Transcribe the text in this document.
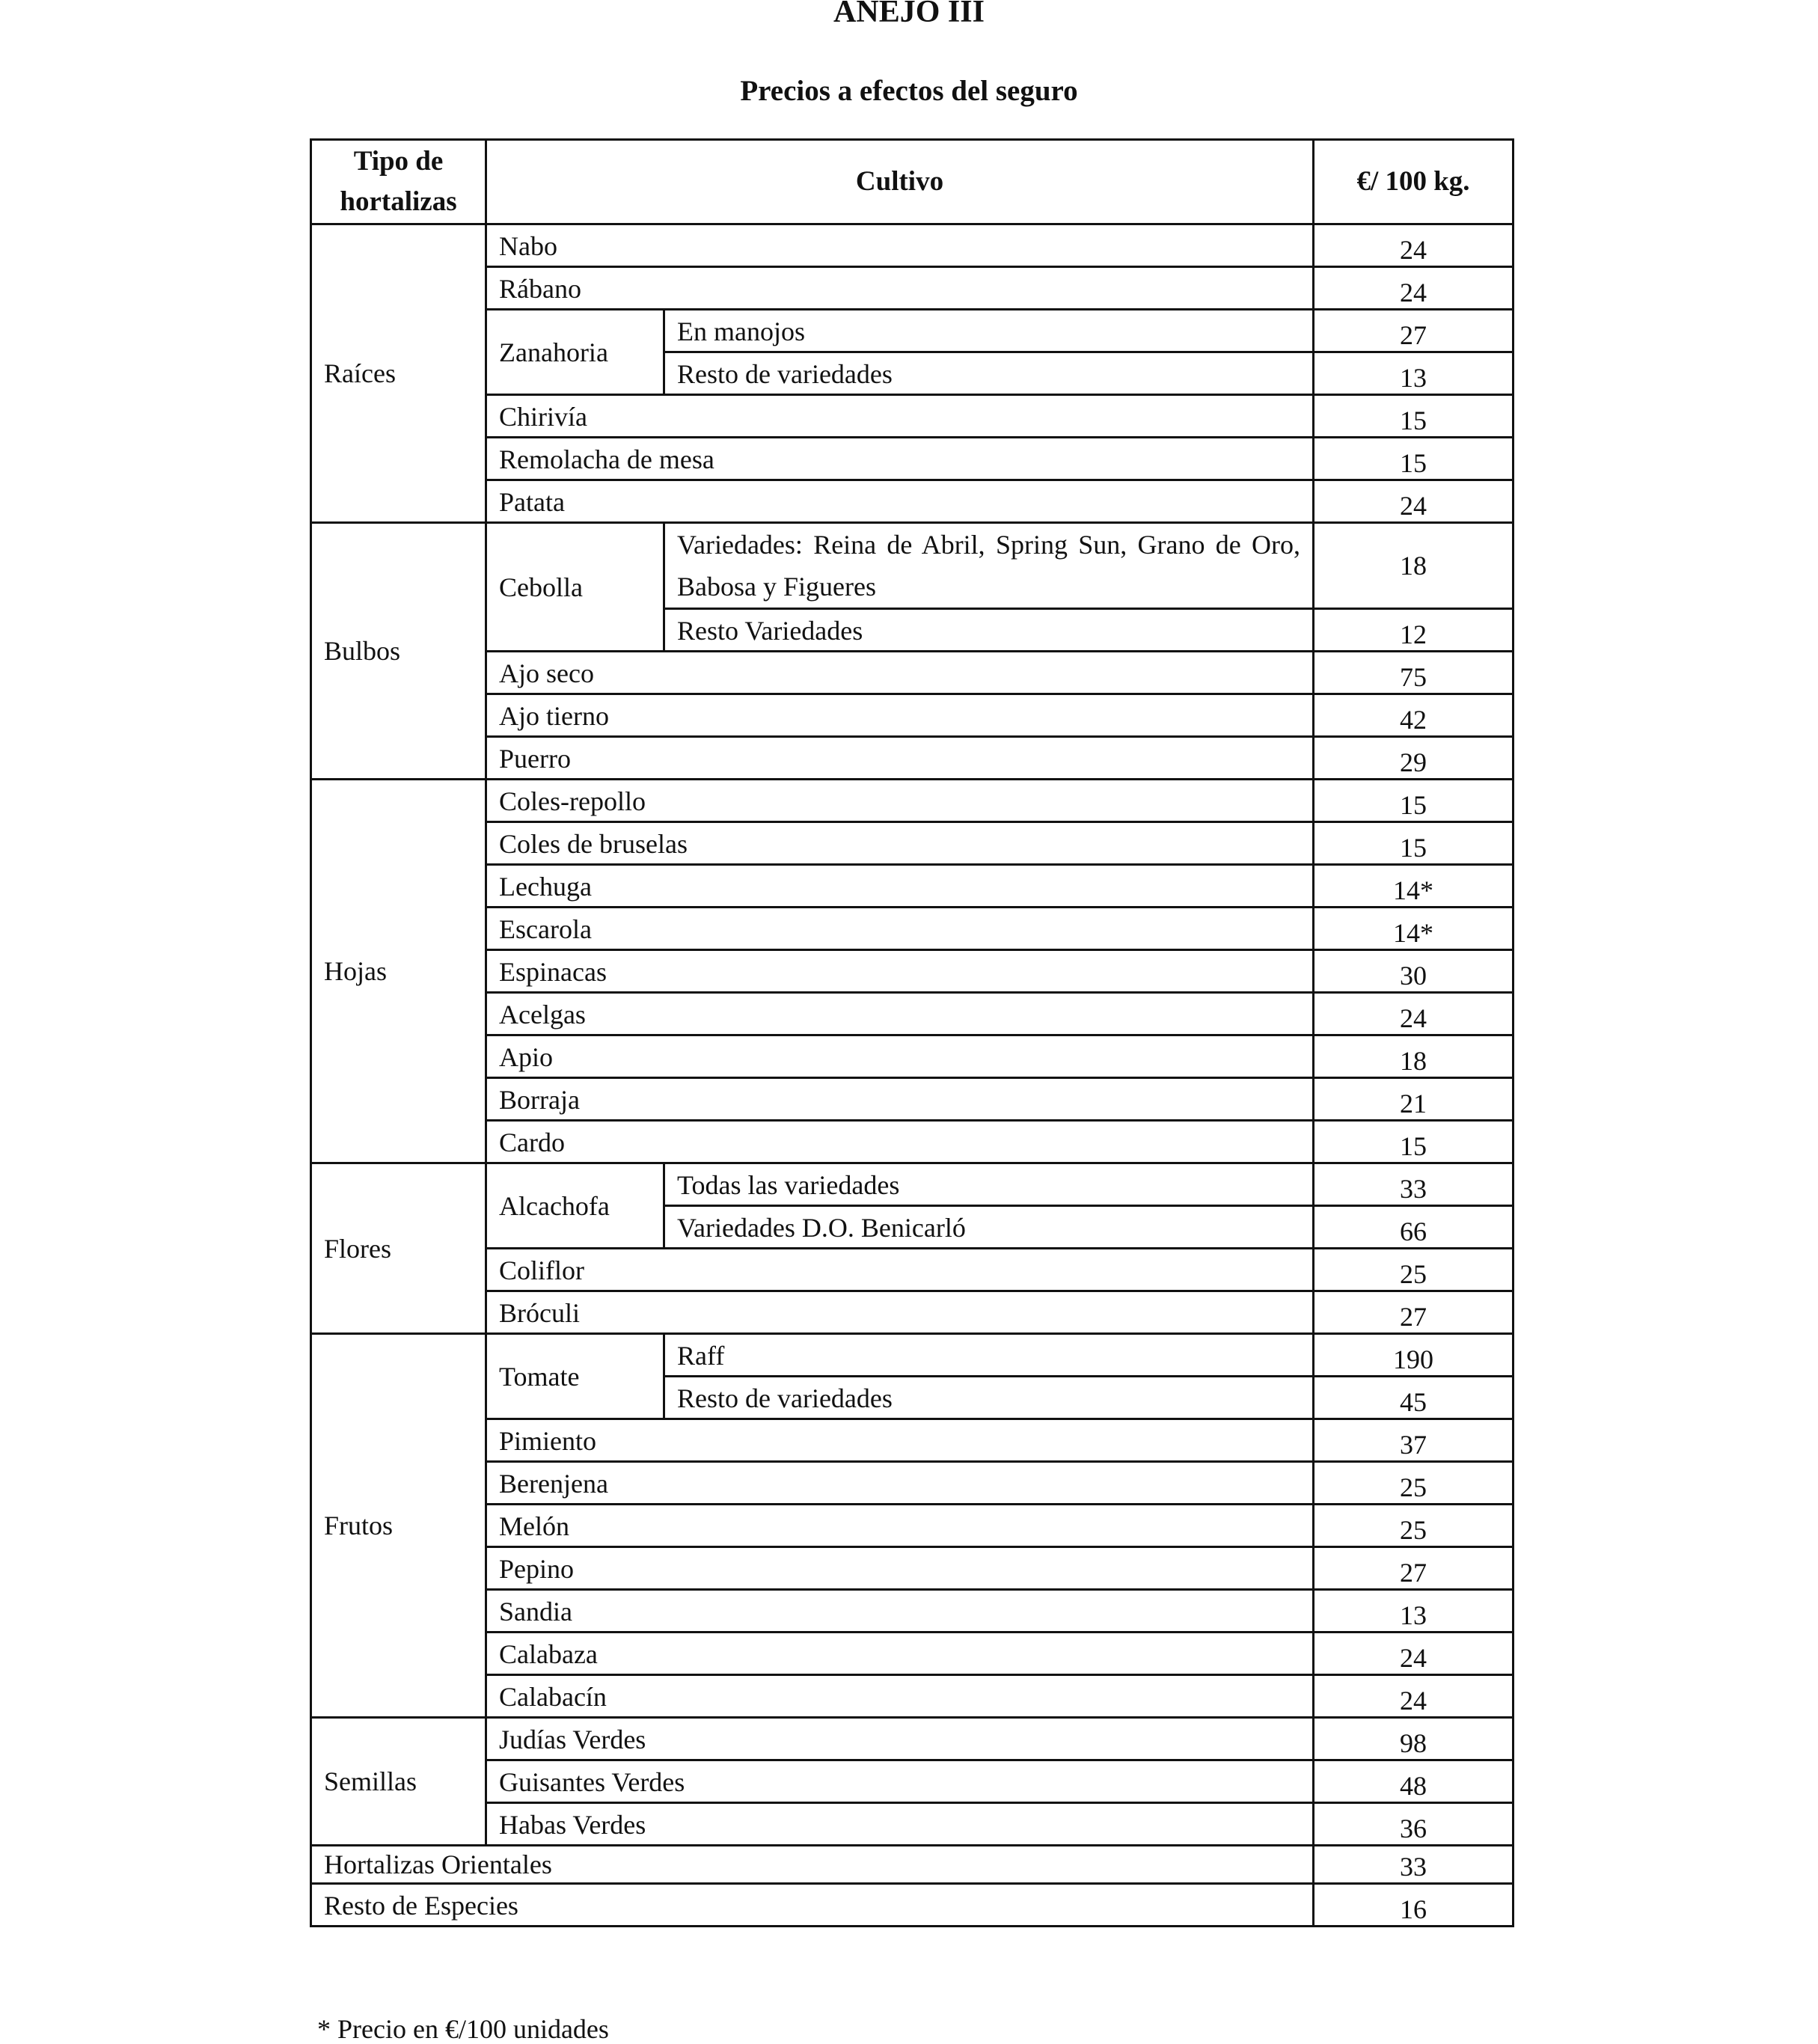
ANEJO III
Precios a efectos del seguro
Tipo de hortalizas	Cultivo		€/ 100 kg.
Raíces	Nabo		24
	Rábano		24
	Zanahoria	En manojos	27
		Resto de variedades	13
	Chirivía		15
	Remolacha de mesa		15
	Patata		24

Bulbos	Cebolla	Variedades: Reina de Abril, Spring Sun, Grano de Oro, Babosa y Figueres	18
		Resto Variedades	12
	Ajo seco		75
	Ajo tierno		42
	Puerro		29
Hojas	Coles-repollo		15
	Coles de bruselas		15
	Lechuga		14*
	Escarola		14*
	Espinacas		30
	Acelgas		24
	Apio		18
	Borraja		21
	Cardo		15
Flores	Alcachofa	Todas las variedades	33
		Variedades D.O. Benicarló	66
	Coliflor		25
	Bróculi		27
Frutos	Tomate	Raff	190
		Resto de variedades	45
	Pimiento		37
	Berenjena		25
	Melón		25
	Pepino		27
	Sandia		13
	Calabaza		24
	Calabacín		24
Semillas	Judías Verdes		98
	Guisantes Verdes		48
	Habas Verdes		36
Hortalizas Orientales			33
Resto de Especies			16
* Precio en €/100 unidades
